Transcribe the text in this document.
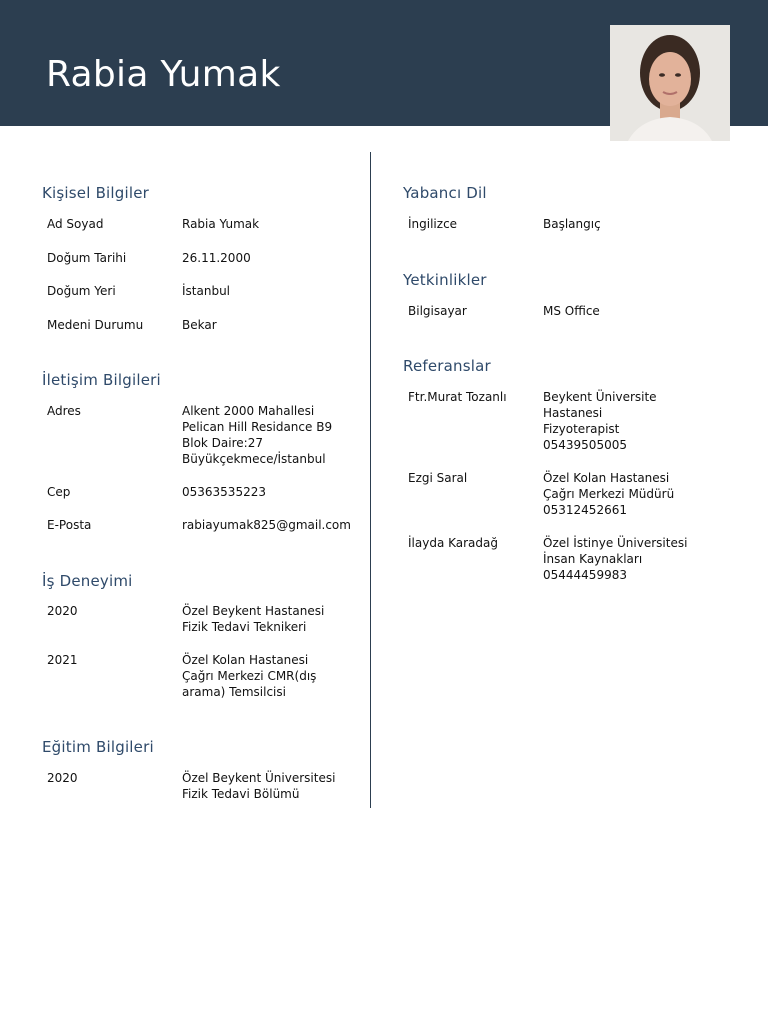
Rabia Yumak
Kişisel Bilgiler
Ad Soyad	Rabia Yumak
Doğum Tarihi	26.11.2000
Doğum Yeri	İstanbul
Medeni Durumu	Bekar
İletişim Bilgileri
Adres	Alkent 2000 Mahallesi
Pelican Hill Residance B9
Blok Daire:27
Büyükçekmece/İstanbul
Cep	05363535223
E-Posta	rabiayumak825@gmail.com
İş Deneyimi
2020	Özel Beykent Hastanesi
Fizik Tedavi Teknikeri
2021	Özel Kolan Hastanesi
Çağrı Merkezi CMR(dış
arama) Temsilcisi
Eğitim Bilgileri
2020	Özel Beykent Üniversitesi
Fizik Tedavi Bölümü
Yabancı Dil
İngilizce	Başlangıç
Yetkinlikler
Bilgisayar	MS Office
Referanslar
Ftr.Murat Tozanlı	Beykent Üniversite
Hastanesi
Fizyoterapist
05439505005
Ezgi Saral	Özel Kolan Hastanesi
Çağrı Merkezi Müdürü
05312452661
İlayda Karadağ	Özel İstinye Üniversitesi
İnsan Kaynakları
05444459983
